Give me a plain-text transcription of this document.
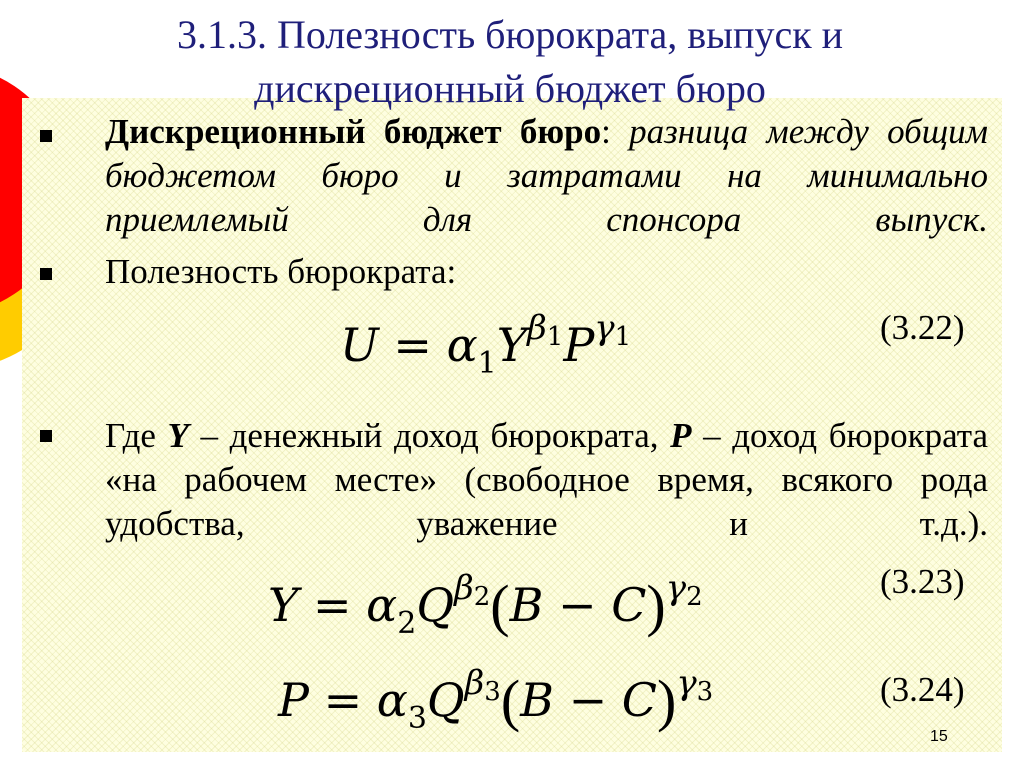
3.1.3. Полезность бюрократа, выпуск и дискреционный бюджет бюро

Дискреционный бюджет бюро: разница между общим бюджетом бюро и затратами на минимально приемлемый для спонсора выпуск.

Полезность бюрократа:

$U = \alpha_1Y^{\beta_1}P^{\gamma_1}$	(3.22)

Где Y – денежный доход бюрократа, P – доход бюрократа «на рабочем месте» (свободное время, всякого рода удобства, уважение и т.д.).

$Y = \alpha_2Q^{\beta_2}(B - C)^{\gamma_2}$	(3.23)
$P = \alpha_3Q^{\beta_3}(B - C)^{\gamma_3}$	(3.24)
15
